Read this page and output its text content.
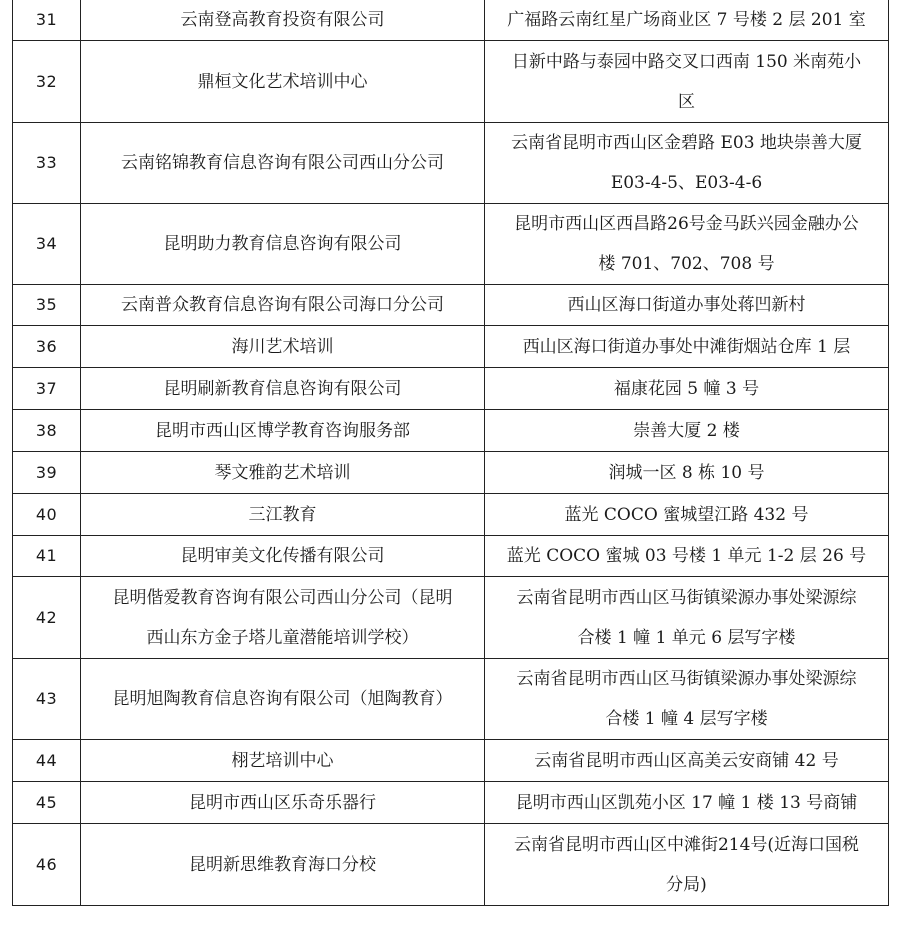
31	云南登高教育投资有限公司	广福路云南红星广场商业区 7 号楼 2 层 201 室

32	鼎桓文化艺术培训中心	日新中路与泰园中路交叉口西南 150 米南苑小
区

33	云南铭锦教育信息咨询有限公司西山分公司	云南省昆明市西山区金碧路 E03 地块崇善大厦
E03-4-5、E03-4-6

34	昆明助力教育信息咨询有限公司	昆明市西山区西昌路26号金马跃兴园金融办公
楼 701、702、708 号

35	云南普众教育信息咨询有限公司海口分公司	西山区海口街道办事处蒋凹新村

36	海川艺术培训	西山区海口街道办事处中滩街烟站仓库 1 层

37	昆明刷新教育信息咨询有限公司	福康花园 5 幢 3 号

38	昆明市西山区博学教育咨询服务部	崇善大厦 2 楼

39	琴文雅韵艺术培训	润城一区 8 栋 10 号

40	三江教育	蓝光 COCO 蜜城望江路 432 号

41	昆明审美文化传播有限公司	蓝光 COCO 蜜城 03 号楼 1 单元 1-2 层 26 号

42	昆明偕爱教育咨询有限公司西山分公司（昆明
西山东方金子塔儿童潜能培训学校）	云南省昆明市西山区马街镇梁源办事处梁源综
合楼 1 幢 1 单元 6 层写字楼

43	昆明旭陶教育信息咨询有限公司（旭陶教育）	云南省昆明市西山区马街镇梁源办事处梁源综
合楼 1 幢 4 层写字楼

44	栩艺培训中心	云南省昆明市西山区高美云安商铺 42 号

45	昆明市西山区乐奇乐器行	昆明市西山区凯苑小区 17 幢 1 楼 13 号商铺

46	昆明新思维教育海口分校	云南省昆明市西山区中滩街214号(近海口国税
分局)
